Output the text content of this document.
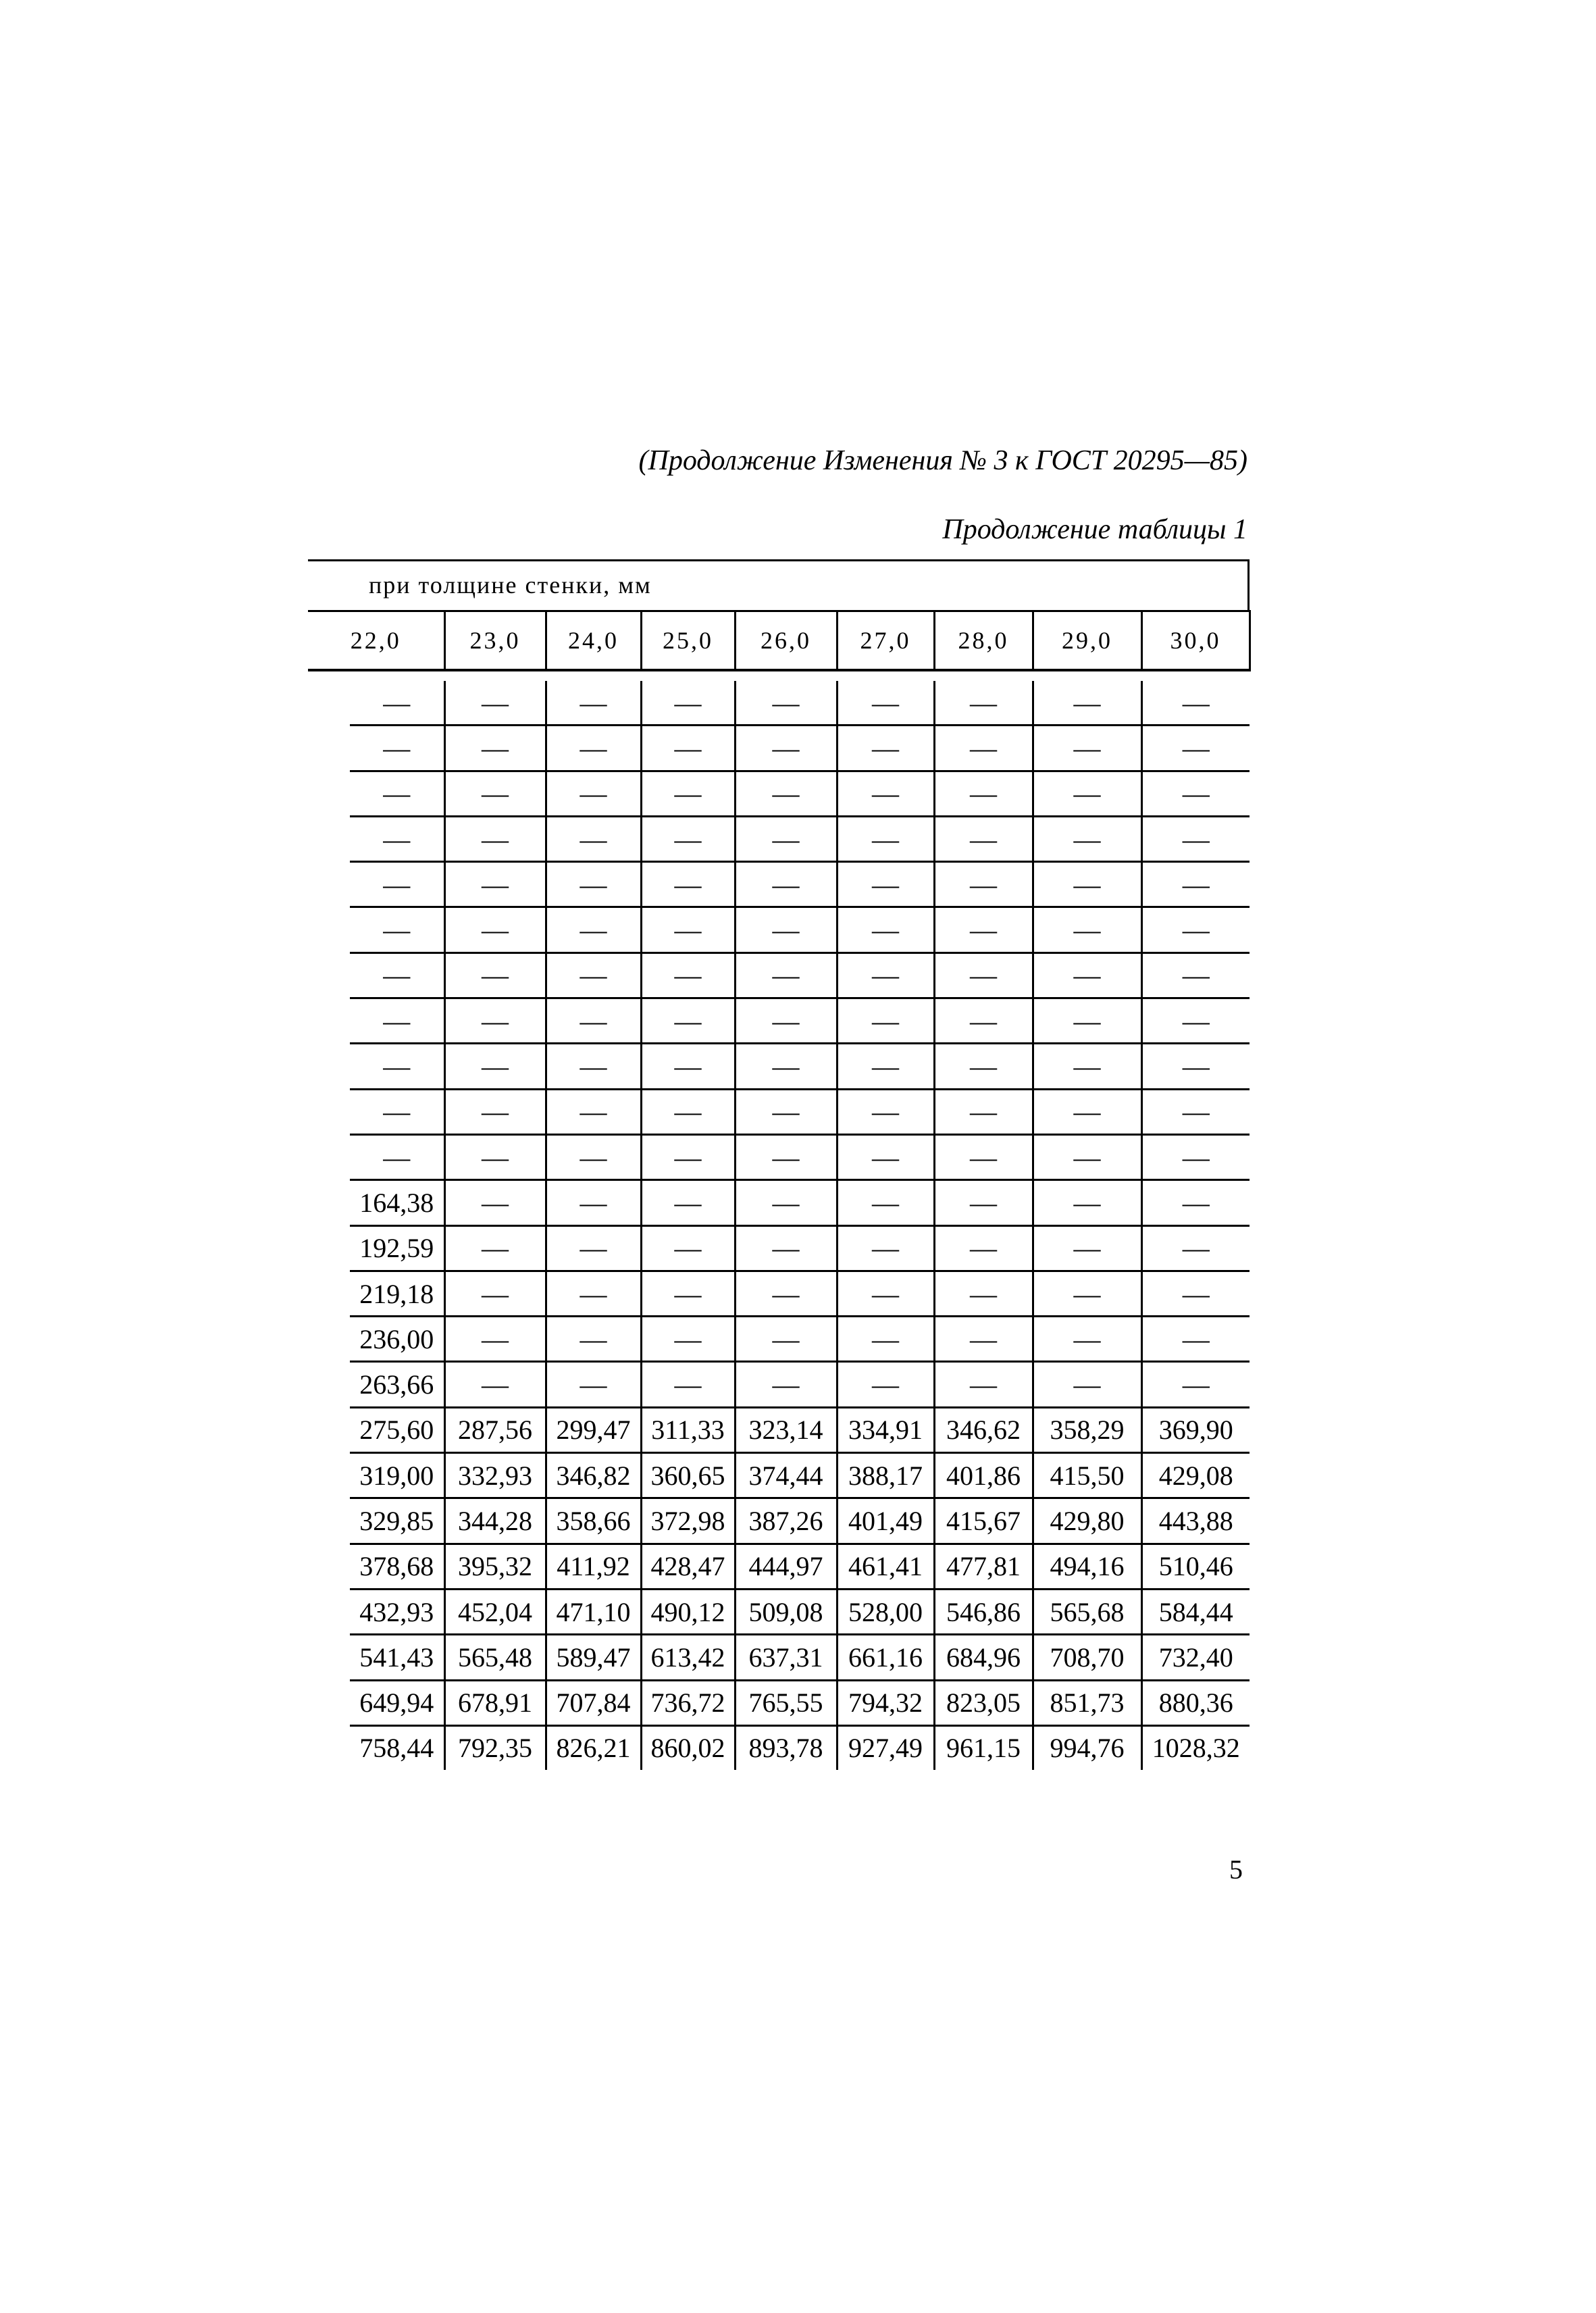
(Продолжение Изменения № 3 к ГОСТ 20295—85)
Продолжение таблицы 1
при толщине стенки, мм
22,0	23,0	24,0	25,0	26,0	27,0	28,0	29,0	30,0
—	—	—	—	—	—	—	—	—
—	—	—	—	—	—	—	—	—
—	—	—	—	—	—	—	—	—
—	—	—	—	—	—	—	—	—
—	—	—	—	—	—	—	—	—
—	—	—	—	—	—	—	—	—
—	—	—	—	—	—	—	—	—
—	—	—	—	—	—	—	—	—
—	—	—	—	—	—	—	—	—
—	—	—	—	—	—	—	—	—
—	—	—	—	—	—	—	—	—
164,38	—	—	—	—	—	—	—	—
192,59	—	—	—	—	—	—	—	—
219,18	—	—	—	—	—	—	—	—
236,00	—	—	—	—	—	—	—	—
263,66	—	—	—	—	—	—	—	—
275,60	287,56	299,47	311,33	323,14	334,91	346,62	358,29	369,90
319,00	332,93	346,82	360,65	374,44	388,17	401,86	415,50	429,08
329,85	344,28	358,66	372,98	387,26	401,49	415,67	429,80	443,88
378,68	395,32	411,92	428,47	444,97	461,41	477,81	494,16	510,46
432,93	452,04	471,10	490,12	509,08	528,00	546,86	565,68	584,44
541,43	565,48	589,47	613,42	637,31	661,16	684,96	708,70	732,40
649,94	678,91	707,84	736,72	765,55	794,32	823,05	851,73	880,36
758,44	792,35	826,21	860,02	893,78	927,49	961,15	994,76	1028,32
5
